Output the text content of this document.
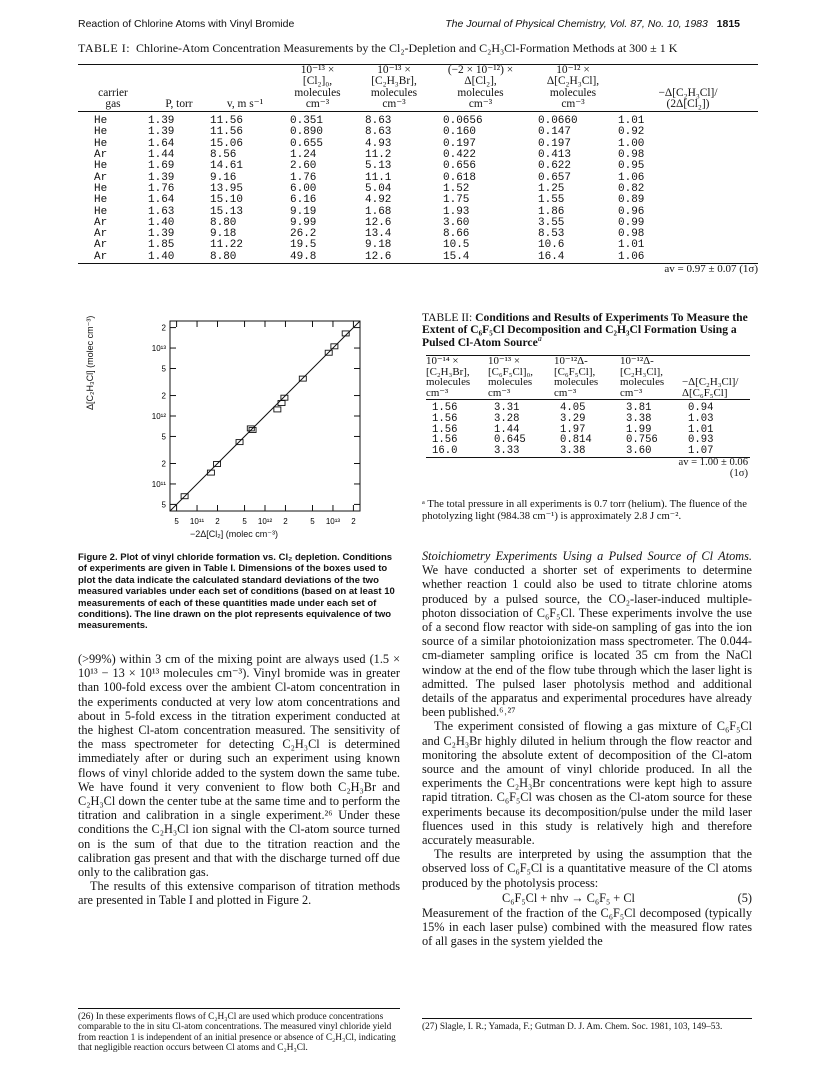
Reaction of Chlorine Atoms with Vinyl Bromide	The Journal of Physical Chemistry, Vol. 87, No. 10, 1983 1815
TABLE I: Chlorine-Atom Concentration Measurements by the Cl₂-Depletion and C₂H₃Cl-Formation Methods at 300 ± 1 K
			10⁻¹³ ×	10⁻¹³ ×	(−2 × 10⁻¹²) ×	10⁻¹² ×	
			[Cl₂]₀,	[C₂H₃Br],	Δ[Cl₂],	Δ[C₂H₃Cl],	
carrier			molecules	molecules	molecules	molecules	−Δ[C₂H₃Cl]/
gas	P, torr	v, m s⁻¹	cm⁻³	cm⁻³	cm⁻³	cm⁻³	(2Δ[Cl₂])
He	1.39	11.56	0.351	8.63	0.0656	0.0660	1.01
He	1.39	11.56	0.890	8.63	0.160	0.147	0.92
He	1.64	15.06	0.655	4.93	0.197	0.197	1.00
Ar	1.44	8.56	1.24	11.2	0.422	0.413	0.98
He	1.69	14.61	2.60	5.13	0.656	0.622	0.95
Ar	1.39	9.16	1.76	11.1	0.618	0.657	1.06
He	1.76	13.95	6.00	5.04	1.52	1.25	0.82
He	1.64	15.10	6.16	4.92	1.75	1.55	0.89
He	1.63	15.13	9.19	1.68	1.93	1.86	0.96
Ar	1.40	8.80	9.99	12.6	3.60	3.55	0.99
Ar	1.39	9.18	26.2	13.4	8.66	8.53	0.98
Ar	1.85	11.22	19.5	9.18	10.5	10.6	1.01
Ar	1.40	8.80	49.8	12.6	15.4	16.4	1.06
av = 0.97 ± 0.07 (1σ)							
2
10¹³
5
2
10¹²
5
2
10¹¹
5
5 10¹¹ 2	5 10¹² 2	5 10¹³ 2
Δ[C₂H₃Cl] (molec cm⁻³)
−2Δ[Cl₂] (molec cm⁻³)
Figure 2. Plot of vinyl chloride formation vs. Cl₂ depletion. Conditions of experiments are given in Table I. Dimensions of the boxes used to plot the data indicate the calculated standard deviations of the two measured variables under each set of conditions (based on at least 10 measurements of each of these quantities made under each set of conditions). The line drawn on the plot represents equivalence of two measurements.

(>99%) within 3 cm of the mixing point are always used (1.5 × 10¹³ − 13 × 10¹³ molecules cm⁻³). Vinyl bromide was in greater than 100-fold excess over the ambient Cl-atom concentration in the experiments conducted at very low atom concentrations and about in 5-fold excess in the titration experiment conducted at the highest Cl-atom concentration measured. The sensitivity of the mass spectrometer for detecting C₂H₃Cl is determined immediately after or during such an experiment using known flows of vinyl chloride added to the system down the same tube. We have found it very convenient to flow both C₂H₃Br and C₂H₃Cl down the center tube at the same time and to perform the titration and calibration in a single experiment.²⁶ Under these conditions the C₂H₃Cl ion signal with the Cl-atom source turned on is the sum of that due to the titration reaction and the calibration gas present and that with the discharge turned off due only to the calibration gas.

The results of this extensive comparison of titration methods are presented in Table I and plotted in Figure 2.

(26) In these experiments flows of C₂H₃Cl are used which produce concentrations comparable to the in situ Cl-atom concentrations. The measured vinyl chloride yield from reaction 1 is independent of an initial presence or absence of C₂H₃Cl, indicating that negligible reaction occurs between Cl atoms and C₂H₃Cl.
TABLE II: Conditions and Results of Experiments To Measure the Extent of C₆F₅Cl Decomposition and C₂H₃Cl Formation Using a Pulsed Cl-Atom Source$^a$
10⁻¹⁴ ×	10⁻¹³ ×	10⁻¹²Δ-	10⁻¹²Δ-	
[C₂H₃Br],	[C₆F₅Cl]₀,	[C₆F₅Cl],	[C₂H₃Cl],	
molecules	molecules	molecules	molecules	−Δ[C₂H₃Cl]/
cm⁻³	cm⁻³	cm⁻³	cm⁻³	Δ[C₆F₅Cl]
1.56	3.31	4.05	3.81	0.94
1.56	3.28	3.29	3.38	1.03
1.56	1.44	1.97	1.99	1.01
1.56	0.645	0.814	0.756	0.93
16.0	3.33	3.38	3.60	1.07
av = 1.00 ± 0.06				
(1σ)				
ᵃ The total pressure in all experiments is 0.7 torr (helium). The fluence of the photolyzing light (984.38 cm⁻¹) is approximately 2.8 J cm⁻².

Stoichiometry Experiments Using a Pulsed Source of Cl Atoms. We have conducted a shorter set of experiments to determine whether reaction 1 could also be used to titrate chlorine atoms produced by a pulsed source, the CO₂-laser-induced multiple-photon dissociation of C₆F₅Cl. These experiments involve the use of a second flow reactor with side-on sampling of gas into the ion source of a similar photoionization mass spectrometer. The 0.044-cm-diameter sampling orifice is located 35 cm from the NaCl window at the end of the flow tube through which the laser light is admitted. The pulsed laser photolysis method and additional details of the apparatus and experimental procedures have already been published.⁶˒²⁷

The experiment consisted of flowing a gas mixture of C₆F₅Cl and C₂H₃Br highly diluted in helium through the flow reactor and monitoring the absolute extent of decomposition of the Cl-atom source and the amount of vinyl chloride produced. In all the experiments the C₂H₃Br concentrations were kept high to assure rapid titration. C₆F₅Cl was chosen as the Cl-atom source for these experiments because its decomposition/pulse under the mild laser fluences used in this study is relatively high and therefore accurately measurable.

The results are interpreted by using the assumption that the observed loss of C₆F₅Cl is a quantitative measure of the Cl atoms produced by the photolysis process:

C₆F₅Cl + nhν → C₆F₅ + Cl	(5)

Measurement of the fraction of the C₆F₅Cl decomposed (typically 15% in each laser pulse) combined with the measured flow rates of all gases in the system yielded the

(27) Slagle, I. R.; Yamada, F.; Gutman D. J. Am. Chem. Soc. 1981, 103, 149–53.
